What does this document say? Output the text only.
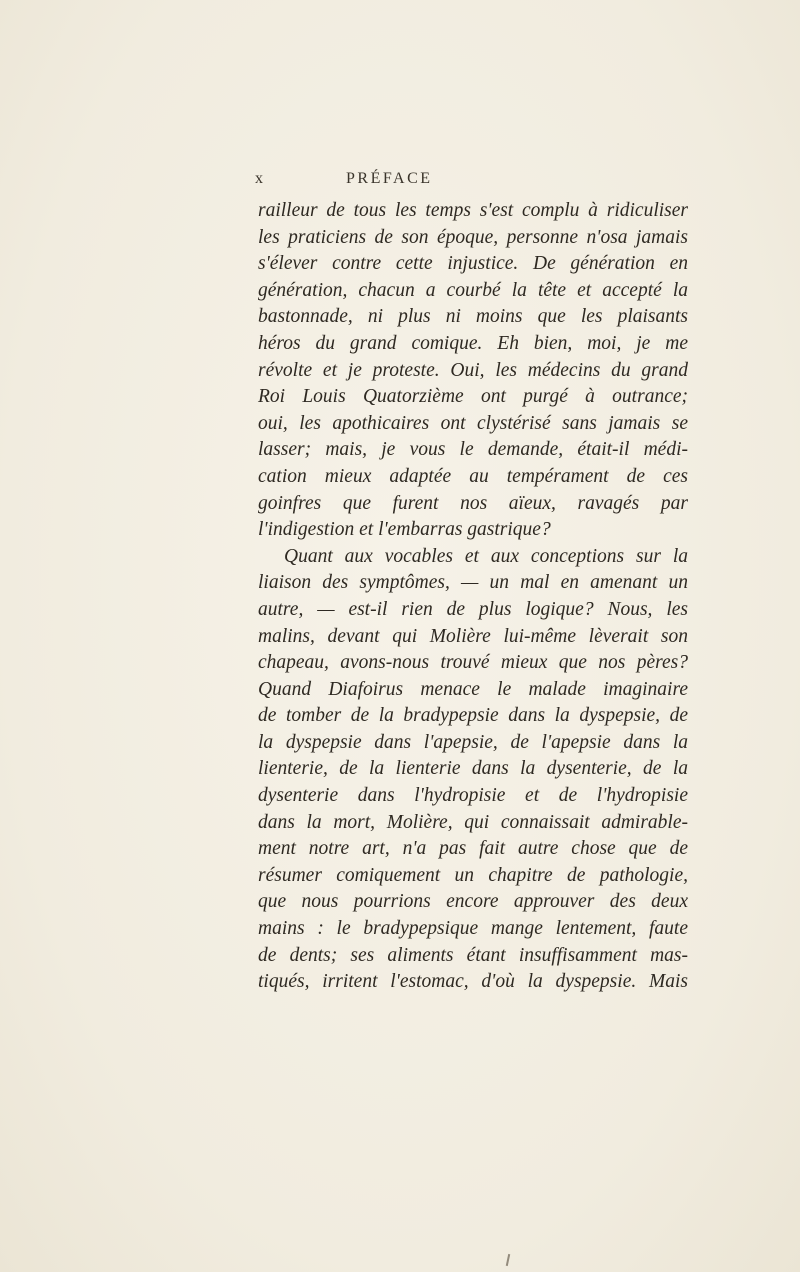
x	PRÉFACE
railleur de tous les temps s'est complu à ridiculiser
les praticiens de son époque, personne n'osa jamais
s'élever contre cette injustice. De génération en
génération, chacun a courbé la tête et accepté la
bastonnade, ni plus ni moins que les plaisants
héros du grand comique. Eh bien, moi, je me
révolte et je proteste. Oui, les médecins du grand
Roi Louis Quatorzième ont purgé à outrance;
oui, les apothicaires ont clystérisé sans jamais se
lasser; mais, je vous le demande, était-il médi-
cation mieux adaptée au tempérament de ces
goinfres que furent nos aïeux, ravagés par
l'indigestion et l'embarras gastrique?
Quant aux vocables et aux conceptions sur la
liaison des symptômes, — un mal en amenant un
autre, — est-il rien de plus logique? Nous, les
malins, devant qui Molière lui-même lèverait son
chapeau, avons-nous trouvé mieux que nos pères?
Quand Diafoirus menace le malade imaginaire
de tomber de la bradypepsie dans la dyspepsie, de
la dyspepsie dans l'apepsie, de l'apepsie dans la
lienterie, de la lienterie dans la dysenterie, de la
dysenterie dans l'hydropisie et de l'hydropisie
dans la mort, Molière, qui connaissait admirable-
ment notre art, n'a pas fait autre chose que de
résumer comiquement un chapitre de pathologie,
que nous pourrions encore approuver des deux
mains : le bradypepsique mange lentement, faute
de dents; ses aliments étant insuffisamment mas-
tiqués, irritent l'estomac, d'où la dyspepsie. Mais
